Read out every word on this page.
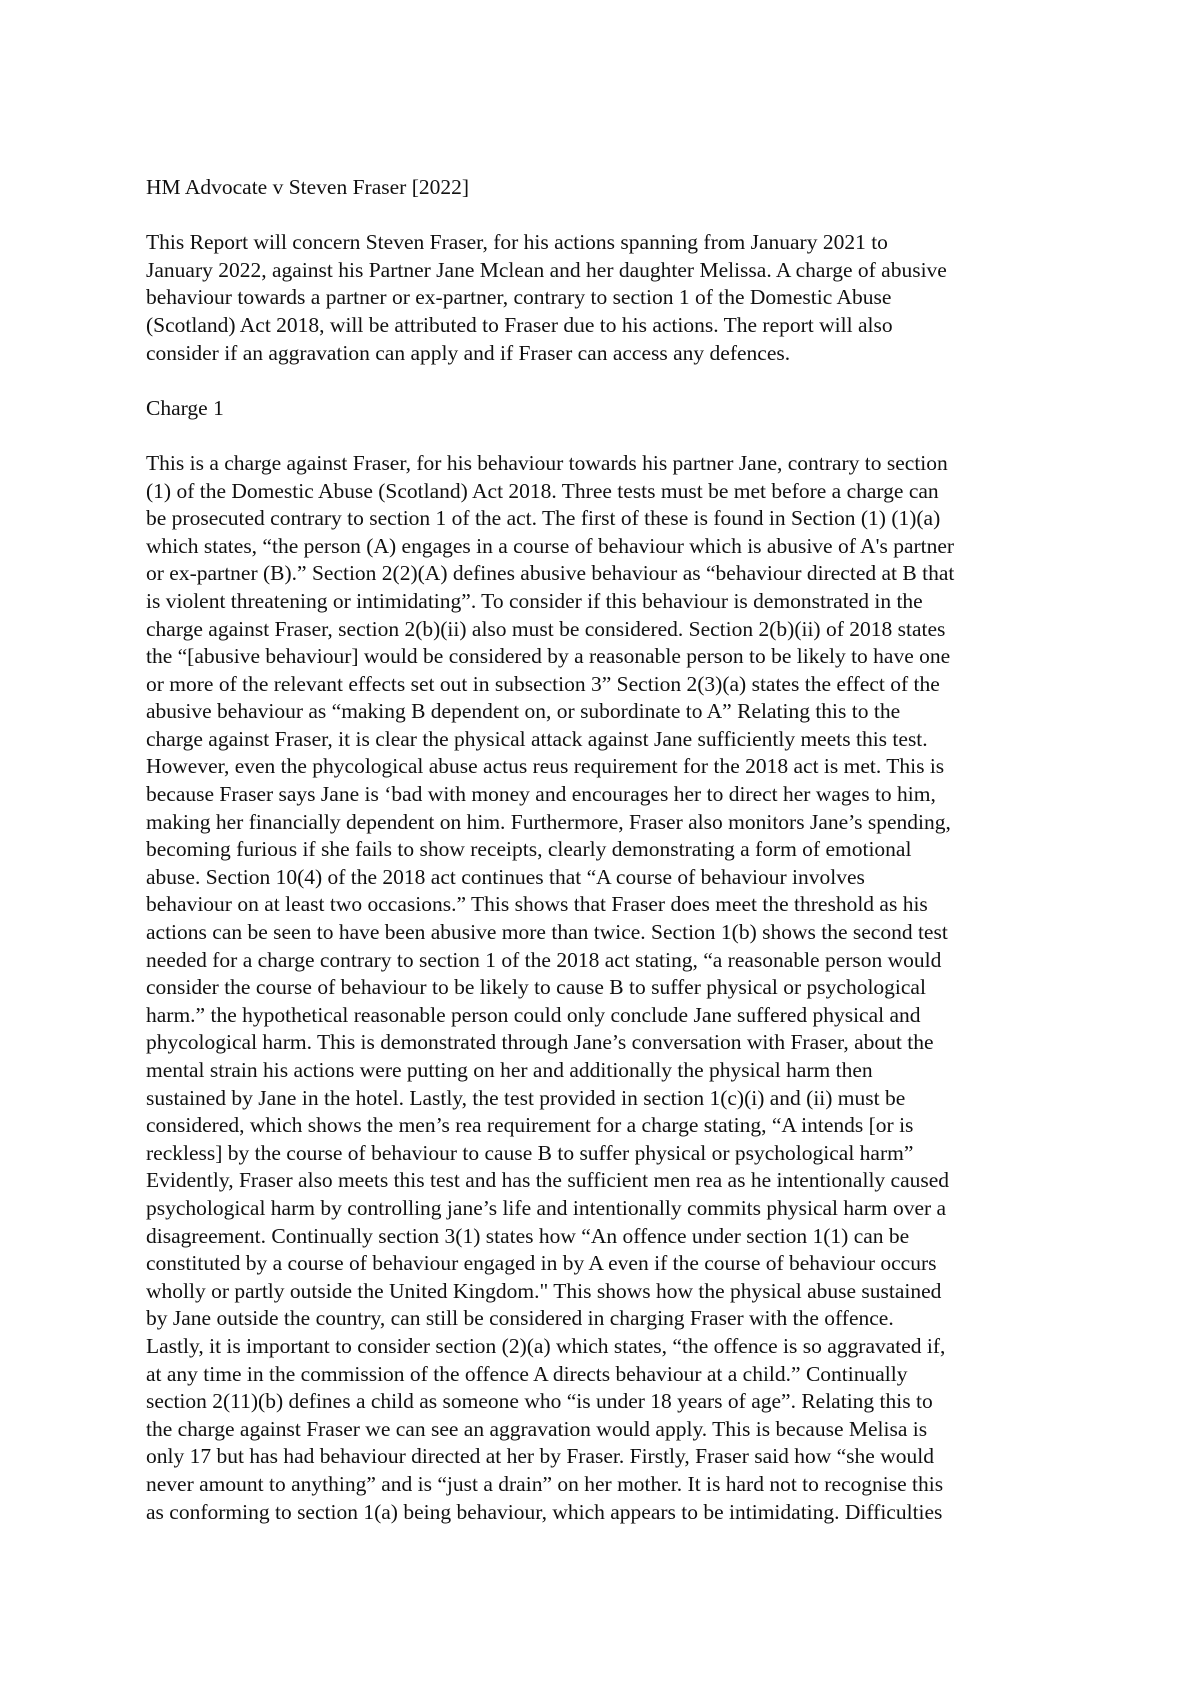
HM Advocate v Steven Fraser [2022]

This Report will concern Steven Fraser, for his actions spanning from January 2021 to
January 2022, against his Partner Jane Mclean and her daughter Melissa. A charge of abusive
behaviour towards a partner or ex-partner, contrary to section 1 of the Domestic Abuse
(Scotland) Act 2018, will be attributed to Fraser due to his actions. The report will also
consider if an aggravation can apply and if Fraser can access any defences.

Charge 1

This is a charge against Fraser, for his behaviour towards his partner Jane, contrary to section
(1) of the Domestic Abuse (Scotland) Act 2018. Three tests must be met before a charge can
be prosecuted contrary to section 1 of the act. The first of these is found in Section (1) (1)(a)
which states, “the person (A) engages in a course of behaviour which is abusive of A's partner
or ex-partner (B).” Section 2(2)(A) defines abusive behaviour as “behaviour directed at B that
is violent threatening or intimidating”. To consider if this behaviour is demonstrated in the
charge against Fraser, section 2(b)(ii) also must be considered. Section 2(b)(ii) of 2018 states
the “[abusive behaviour] would be considered by a reasonable person to be likely to have one
or more of the relevant effects set out in subsection 3” Section 2(3)(a) states the effect of the
abusive behaviour as “making B dependent on, or subordinate to A” Relating this to the
charge against Fraser, it is clear the physical attack against Jane sufficiently meets this test.
However, even the phycological abuse actus reus requirement for the 2018 act is met. This is
because Fraser says Jane is ‘bad with money and encourages her to direct her wages to him,
making her financially dependent on him. Furthermore, Fraser also monitors Jane’s spending,
becoming furious if she fails to show receipts, clearly demonstrating a form of emotional
abuse. Section 10(4) of the 2018 act continues that “A course of behaviour involves
behaviour on at least two occasions.” This shows that Fraser does meet the threshold as his
actions can be seen to have been abusive more than twice. Section 1(b) shows the second test
needed for a charge contrary to section 1 of the 2018 act stating, “a reasonable person would
consider the course of behaviour to be likely to cause B to suffer physical or psychological
harm.” the hypothetical reasonable person could only conclude Jane suffered physical and
phycological harm. This is demonstrated through Jane’s conversation with Fraser, about the
mental strain his actions were putting on her and additionally the physical harm then
sustained by Jane in the hotel. Lastly, the test provided in section 1(c)(i) and (ii) must be
considered, which shows the men’s rea requirement for a charge stating, “A intends [or is
reckless] by the course of behaviour to cause B to suffer physical or psychological harm”
Evidently, Fraser also meets this test and has the sufficient men rea as he intentionally caused
psychological harm by controlling jane’s life and intentionally commits physical harm over a
disagreement. Continually section 3(1) states how “An offence under section 1(1) can be
constituted by a course of behaviour engaged in by A even if the course of behaviour occurs
wholly or partly outside the United Kingdom." This shows how the physical abuse sustained
by Jane outside the country, can still be considered in charging Fraser with the offence.
Lastly, it is important to consider section (2)(a) which states, “the offence is so aggravated if,
at any time in the commission of the offence A directs behaviour at a child.” Continually
section 2(11)(b) defines a child as someone who “is under 18 years of age”. Relating this to
the charge against Fraser we can see an aggravation would apply. This is because Melisa is
only 17 but has had behaviour directed at her by Fraser. Firstly, Fraser said how “she would
never amount to anything” and is “just a drain” on her mother. It is hard not to recognise this
as conforming to section 1(a) being behaviour, which appears to be intimidating. Difficulties
